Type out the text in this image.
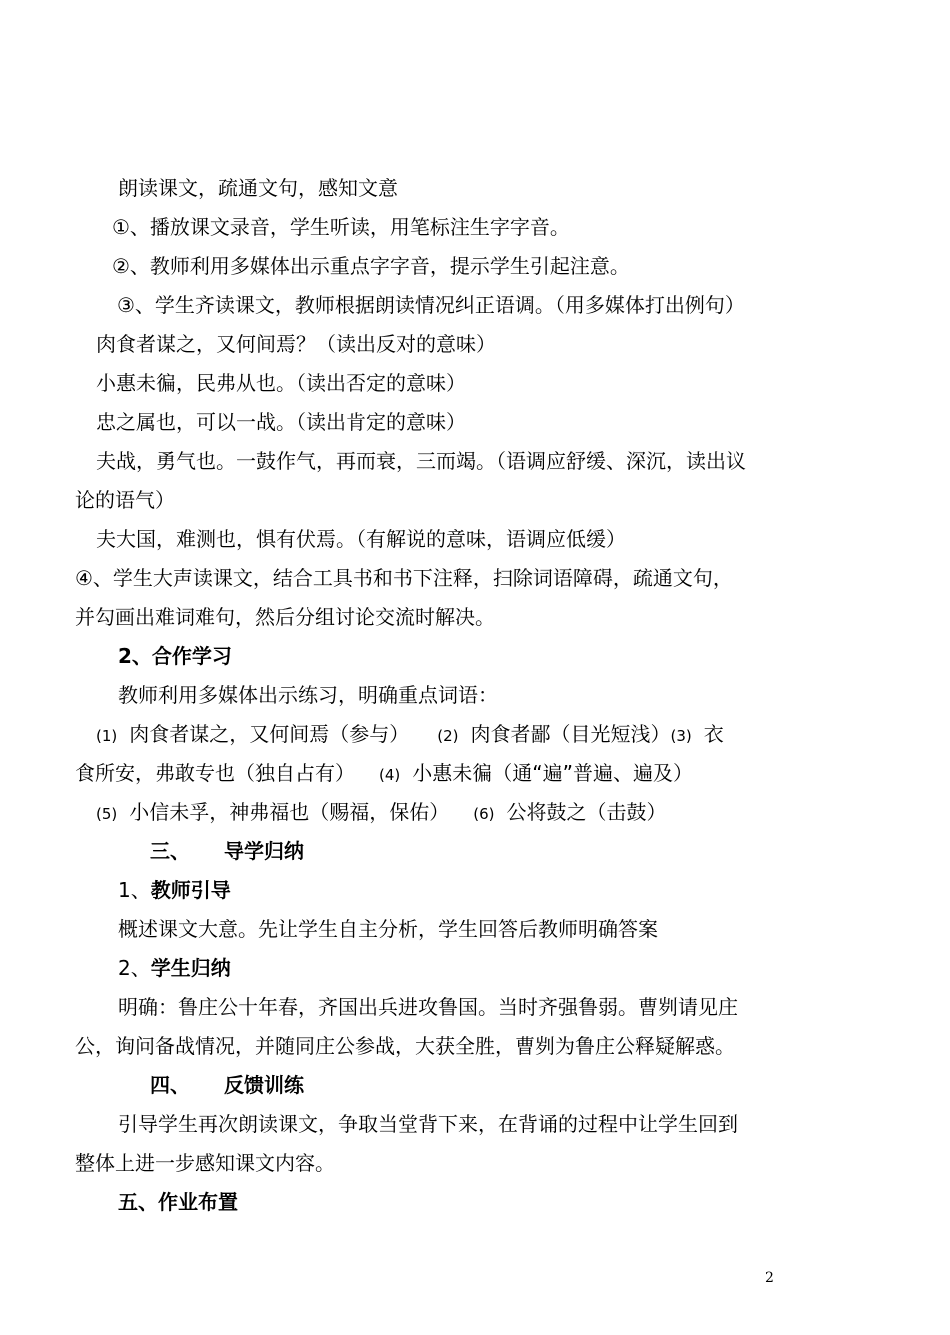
朗读课文，疏通文句，感知文意
①、播放课文录音，学生听读，用笔标注生字字音。
②、教师利用多媒体出示重点字字音，提示学生引起注意。
③、学生齐读课文，教师根据朗读情况纠正语调。（用多媒体打出例句）
肉食者谋之，又何间焉？（读出反对的意味）
小惠未徧，民弗从也。（读出否定的意味）
忠之属也，可以一战。（读出肯定的意味）
夫战，勇气也。一鼓作气，再而衰，三而竭。（语调应舒缓、深沉，读出议
论的语气）
夫大国，难测也，惧有伏焉。（有解说的意味，语调应低缓）
④、学生大声读课文，结合工具书和书下注释，扫除词语障碍，疏通文句，
并勾画出难词难句，然后分组讨论交流时解决。
2、合作学习
教师利用多媒体出示练习，明确重点词语：
(1) 肉食者谋之，又何间焉（参与） (2) 肉食者鄙（目光短浅）(3) 衣
食所安，弗敢专也（独自占有） (4) 小惠未徧（通“遍”普遍、遍及）
(5) 小信未孚，神弗福也（赐福，保佑） (6) 公将鼓之（击鼓）
三、 导学归纳
1、教师引导
概述课文大意。先让学生自主分析，学生回答后教师明确答案
2、学生归纳
明确：鲁庄公十年春，齐国出兵进攻鲁国。当时齐强鲁弱。曹刿请见庄
公，询问备战情况，并随同庄公参战，大获全胜，曹刿为鲁庄公释疑解惑。
四、 反馈训练
引导学生再次朗读课文，争取当堂背下来，在背诵的过程中让学生回到
整体上进一步感知课文内容。
五、作业布置
2
